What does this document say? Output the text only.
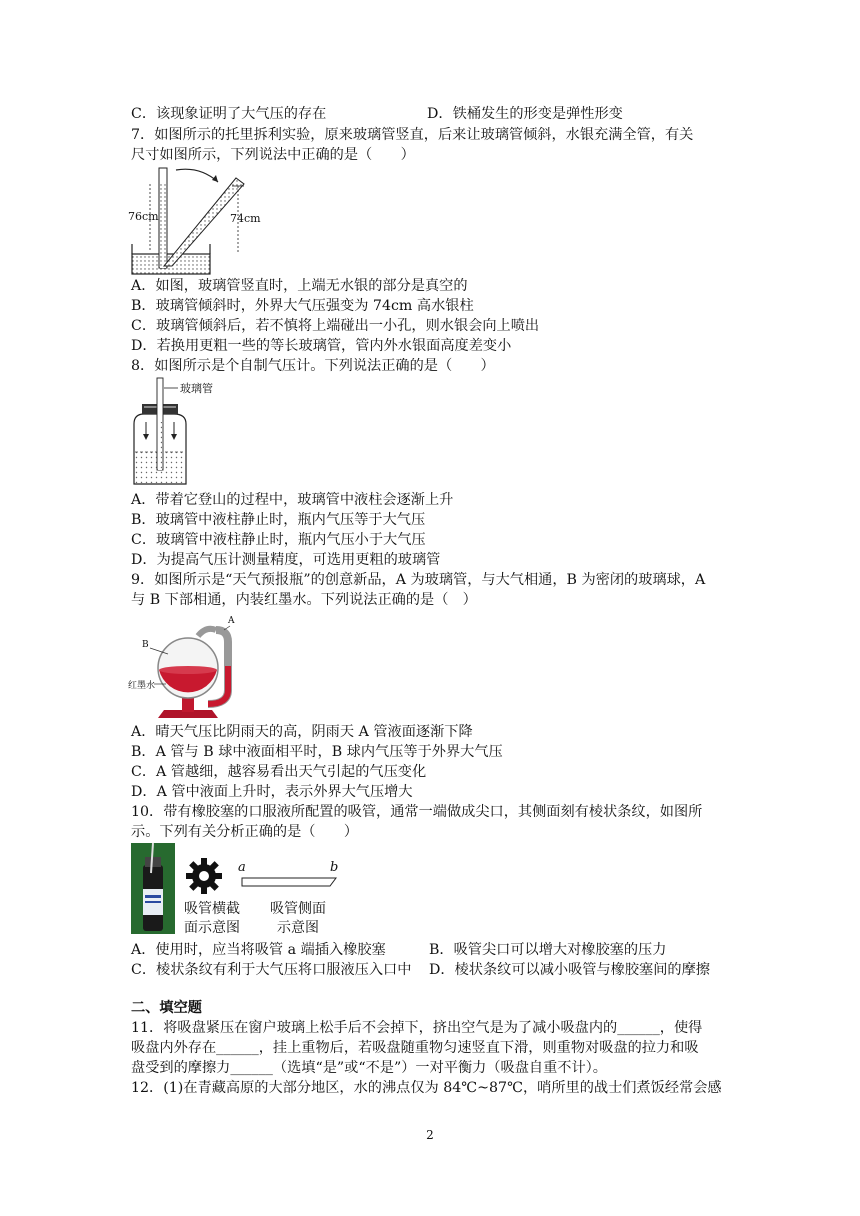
C．该现象证明了大气压的存在	D．铁桶发生的形变是弹性形变
7．如图所示的托里拆利实验，原来玻璃管竖直，后来让玻璃管倾斜，水银充满全管，有关
尺寸如图所示，下列说法中正确的是（　　）
76cm	74cm
A．如图，玻璃管竖直时，上端无水银的部分是真空的
B．玻璃管倾斜时，外界大气压强变为 74cm 高水银柱
C．玻璃管倾斜后，若不慎将上端碰出一小孔，则水银会向上喷出
D．若换用更粗一些的等长玻璃管，管内外水银面高度差变小
8．如图所示是个自制气压计。下列说法正确的是（　　）
玻璃管
A．带着它登山的过程中，玻璃管中液柱会逐渐上升
B．玻璃管中液柱静止时，瓶内气压等于大气压
C．玻璃管中液柱静止时，瓶内气压小于大气压
D．为提高气压计测量精度，可选用更粗的玻璃管
9．如图所示是“天气预报瓶”的创意新品，A 为玻璃管，与大气相通，B 为密闭的玻璃球，A
与 B 下部相通，内装红墨水。下列说法正确的是（　）
A
B
红墨水
A．晴天气压比阴雨天的高，阴雨天 A 管液面逐渐下降
B．A 管与 B 球中液面相平时，B 球内气压等于外界大气压
C．A 管越细，越容易看出天气引起的气压变化
D．A 管中液面上升时，表示外界大气压增大
10．带有橡胶塞的口服液所配置的吸管，通常一端做成尖口，其侧面刻有棱状条纹，如图所
示。下列有关分析正确的是（　　）
a	b
吸管横截
面示意图
吸管侧面
示意图
A．使用时，应当将吸管 a 端插入橡胶塞	B．吸管尖口可以增大对橡胶塞的压力
C．棱状条纹有利于大气压将口服液压入口中 D．棱状条纹可以减小吸管与橡胶塞间的摩擦
二、填空题
11．将吸盘紧压在窗户玻璃上松手后不会掉下，挤出空气是为了减小吸盘内的______，使得
吸盘内外存在______，挂上重物后，若吸盘随重物匀速竖直下滑，则重物对吸盘的拉力和吸
盘受到的摩擦力______（选填“是”或“不是”）一对平衡力（吸盘自重不计）。
12．(1)在青藏高原的大部分地区，水的沸点仅为 84℃~87℃，哨所里的战士们煮饭经常会感
2
